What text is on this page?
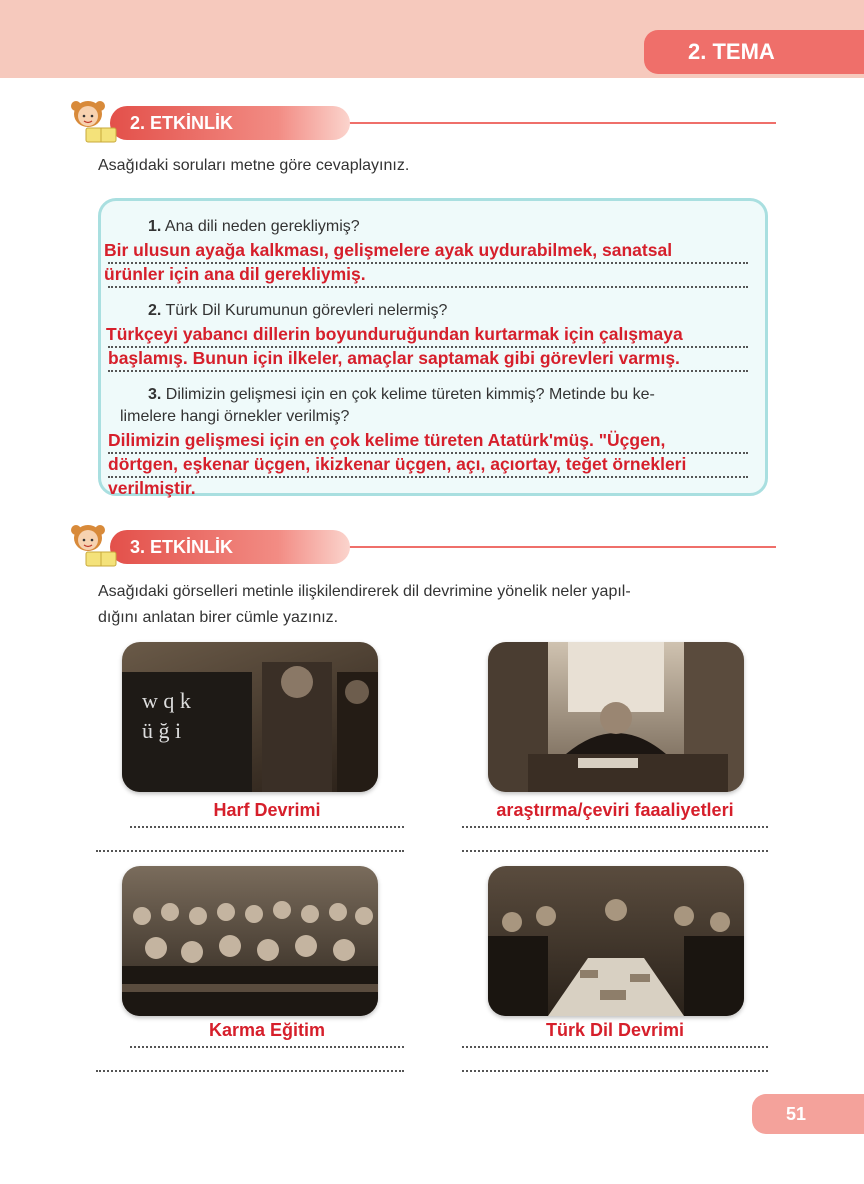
2. TEMA
2. ETKİNLİK
Asağıdaki soruları metne göre cevaplayınız.
1. Ana dili neden gerekliymiş?
Bir ulusun ayağa kalkması, gelişmelere ayak uydurabilmek, sanatsal
ürünler için ana dil gerekliymiş.
2. Türk Dil Kurumunun görevleri nelermiş?
Türkçeyi yabancı dillerin boyunduruğundan kurtarmak için çalışmaya
başlamış. Bunun için ilkeler, amaçlar saptamak gibi görevleri varmış.
3. Dilimizin gelişmesi için en çok kelime türeten kimmiş? Metinde bu ke-
limelere hangi örnekler verilmiş?
Dilimizin gelişmesi için en çok kelime türeten Atatürk'müş. "Üçgen,
dörtgen, eşkenar üçgen, ikizkenar üçgen, açı, açıortay, teğet örnekleri
verilmiştir.
3. ETKİNLİK
Asağıdaki görselleri metinle ilişkilendirerek dil devrimine yönelik neler yapıl-
dığını anlatan birer cümle yazınız.
w q k
ü ğ i
Harf Devrimi	araştırma/çeviri faaaliyetleri
Karma Eğitim	Türk Dil Devrimi
51
